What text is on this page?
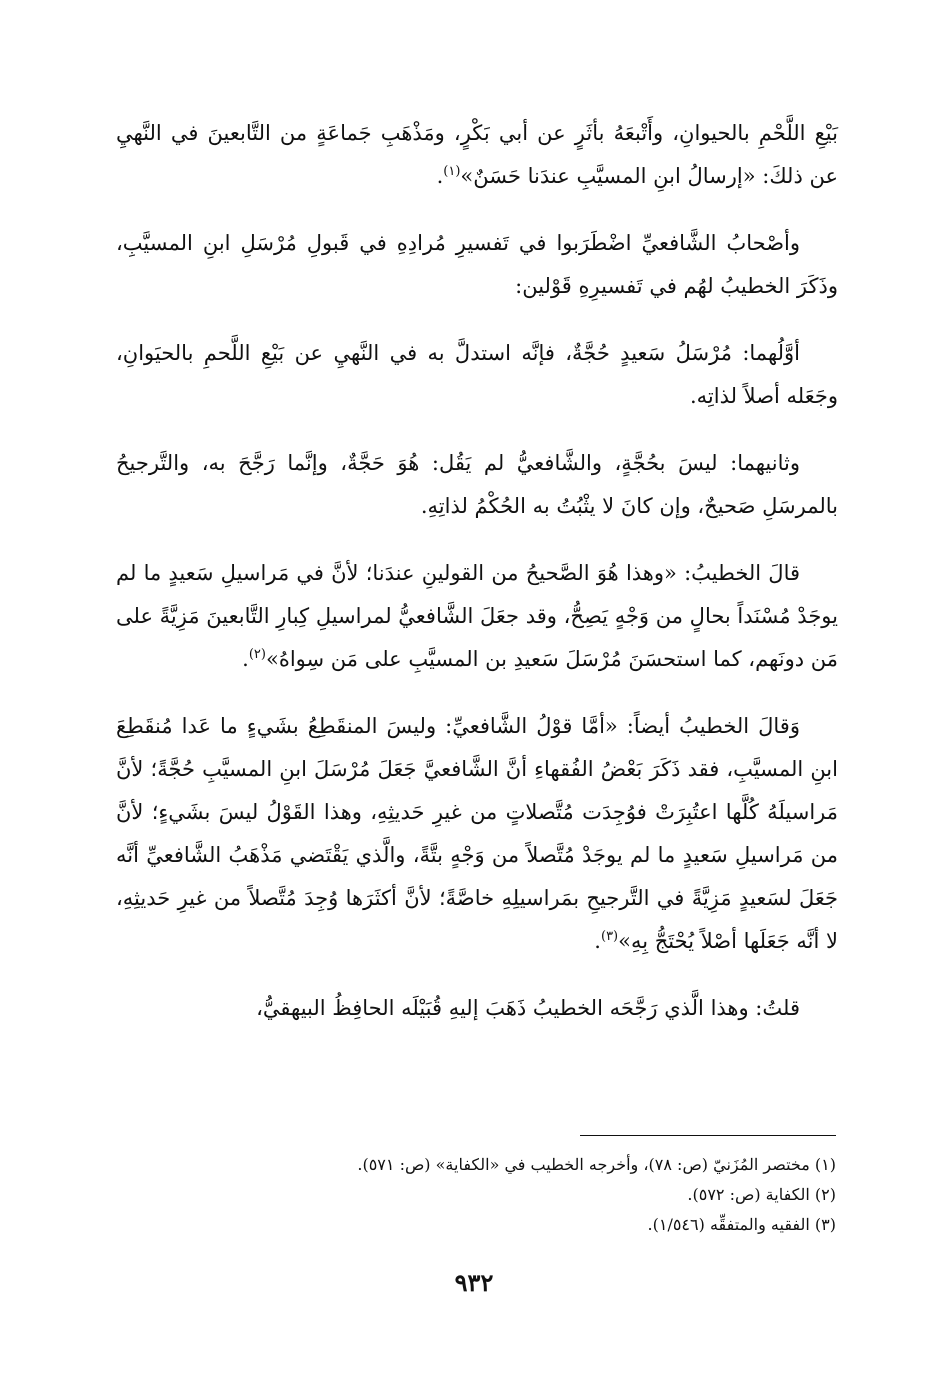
بَيْعِ اللَّحْمِ بالحيوانِ، وأَتْبعَهُ بأثَرٍ عن أبي بَكْرٍ، ومَذْهَبِ جَماعَةٍ من التَّابعينَ في النَّهيِ عن ذلكَ: «إرسالُ ابنِ المسيَّبِ عندَنا حَسَنٌ»$^{(١)}$.

وأصْحابُ الشَّافعيِّ اضْطَرَبوا في تَفسيرِ مُرادِهِ في قَبولِ مُرْسَلِ ابنِ المسيَّبِ، وذَكَرَ الخطيبُ لهُم في تَفسيرِهِ قَوْلين:

أوَّلُهما: مُرْسَلُ سَعيدٍ حُجَّةٌ، فإنَّه استدلَّ به في النَّهيِ عن بَيْعِ اللَّحمِ بالحيَوانِ، وجَعَله أصلاً لذاتِه.

وثانيهما: ليسَ بحُجَّةٍ، والشَّافعيُّ لم يَقُل: هُوَ حَجَّةٌ، وإنَّما رَجَّحَ به، والتَّرجيحُ بالمرسَلِ صَحيحٌ، وإن كانَ لا يثْبُتُ به الحُكْمُ لذاتِهِ.

قالَ الخطيبُ: «وهذا هُوَ الصَّحيحُ من القولينِ عندَنا؛ لأنَّ في مَراسيلِ سَعيدٍ ما لم يوجَدْ مُسْنَداً بحالٍ من وَجْهٍ يَصِحُّ، وقد جعَلَ الشَّافعيُّ لمراسيلِ كِبارِ التَّابعينَ مَزِيَّةً على مَن دونَهم، كما استحسَنَ مُرْسَلَ سَعيدِ بن المسيَّبِ على مَن سِواهُ»$^{(٢)}$.

وَقالَ الخطيبُ أيضاً: «أمَّا قوْلُ الشَّافعيِّ: وليسَ المنقَطِعُ بشَيءٍ ما عَدا مُنقَطِعَ ابنِ المسيَّبِ، فقد ذَكَرَ بَعْضُ الفُقهاءِ أنَّ الشَّافعيَّ جَعَلَ مُرْسَلَ ابنِ المسيَّبِ حُجَّةً؛ لأنَّ مَراسيلَهُ كُلَّها اعتُبِرَتْ فوُجِدَت مُتَّصلاتٍ من غيرِ حَديثِهِ، وهذا القَوْلُ ليسَ بشَيءٍ؛ لأنَّ من مَراسيلِ سَعيدٍ ما لم يوجَدْ مُتَّصلاً من وَجْهٍ بتَّةً، والَّذي يَقْتَضي مَذْهَبُ الشَّافعيِّ أنَّه جَعَلَ لسَعيدٍ مَزِيَّةً في التَّرجيحِ بمَراسيلِهِ خاصَّةً؛ لأنَّ أكثَرَها وُجِدَ مُتَّصلاً من غيرِ حَديثِهِ، لا أنَّه جَعَلَها أصْلاً يُحْتَجُّ بِهِ»$^{(٣)}$.

قلتُ: وهذا الَّذي رَجَّحَه الخطيبُ ذَهَبَ إليهِ قُبَيْلَه الحافِظُ البيهقيُّ،

(١) مختصر المُزَنيّ (ص: ٧٨)، وأخرجه الخطيب في «الكفاية» (ص: ٥٧١).

(٢) الكفاية (ص: ٥٧٢).

(٣) الفقيه والمتفقِّه (١/٥٤٦).

٩٣٢
